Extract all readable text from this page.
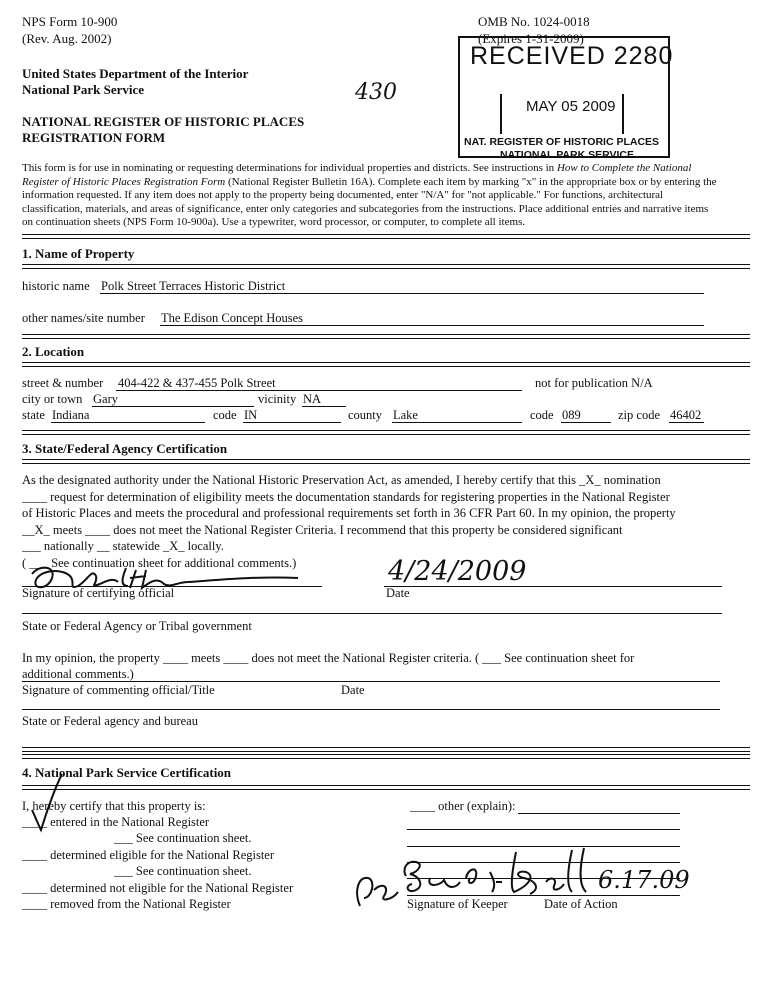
NPS Form 10-900
(Rev. Aug. 2002)
OMB No. 1024-0018
(Expires 1-31-2009)
United States Department of the Interior
National Park Service	430
NATIONAL REGISTER OF HISTORIC PLACES
REGISTRATION FORM
RECEIVED 2280
MAY 05 2009
NAT. REGISTER OF HISTORIC PLACES
NATIONAL PARK SERVICE
This form is for use in nominating or requesting determinations for individual properties and districts. See instructions in How to Complete the National
Register of Historic Places Registration Form (National Register Bulletin 16A). Complete each item by marking "x" in the appropriate box or by entering the
information requested. If any item does not apply to the property being documented, enter "N/A" for "not applicable." For functions, architectural
classification, materials, and areas of significance, enter only categories and subcategories from the instructions. Place additional entries and narrative items
on continuation sheets (NPS Form 10-900a). Use a typewriter, word processor, or computer, to complete all items.
1. Name of Property
historic name Polk Street Terraces Historic District
other names/site number The Edison Concept Houses
2. Location
street & number 404-422 & 437-455 Polk Street	not for publication N/A
city or town Gary	vicinity NA
state Indiana	code IN	county Lake	code 089	zip code 46402
3. State/Federal Agency Certification
As the designated authority under the National Historic Preservation Act, as amended, I hereby certify that this _X_ nomination
____ request for determination of eligibility meets the documentation standards for registering properties in the National Register
of Historic Places and meets the procedural and professional requirements set forth in 36 CFR Part 60. In my opinion, the property
__X_ meets ____ does not meet the National Register Criteria. I recommend that this property be considered significant
___ nationally __ statewide _X_ locally.
( ___ See continuation sheet for additional comments.)	4/24/2009
Signature of certifying official	Date
State or Federal Agency or Tribal government
In my opinion, the property ____ meets ____ does not meet the National Register criteria. ( ___ See continuation sheet for
additional comments.)
Signature of commenting official/Title	Date
State or Federal agency and bureau
4. National Park Service Certification
I, hereby certify that this property is:
____ entered in the National Register
___ See continuation sheet.
____ determined eligible for the National Register
___ See continuation sheet.
____ determined not eligible for the National Register
____ removed from the National Register
____ other (explain):
6.17.09
Signature of Keeper	Date of Action
